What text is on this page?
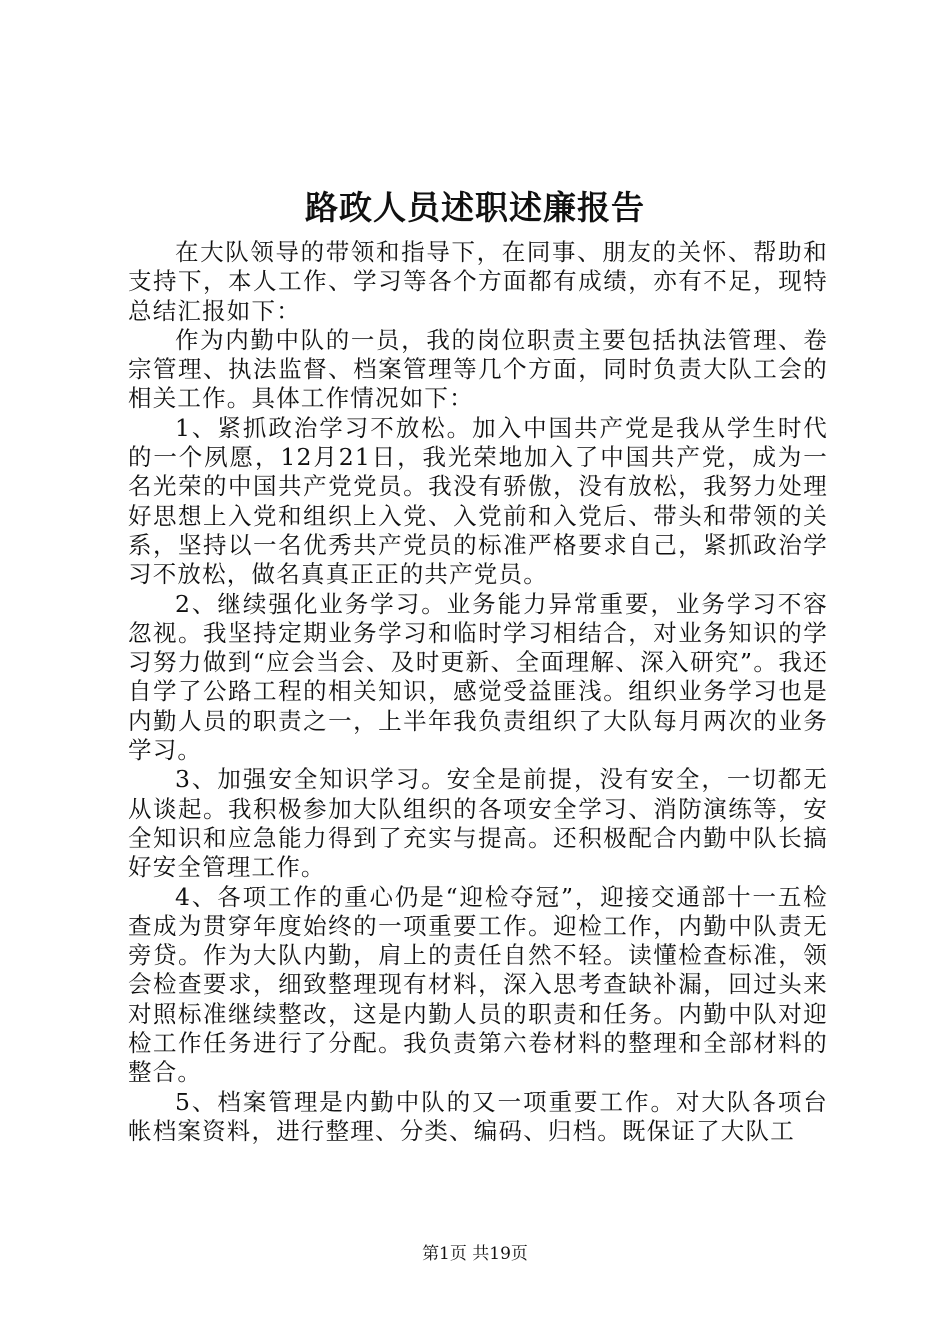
路政人员述职述廉报告

在大队领导的带领和指导下，在同事、朋友的关怀、帮助和支持下，本人工作、学习等各个方面都有成绩，亦有不足，现特总结汇报如下：

作为内勤中队的一员，我的岗位职责主要包括执法管理、卷宗管理、执法监督、档案管理等几个方面，同时负责大队工会的相关工作。具体工作情况如下：

1、紧抓政治学习不放松。加入中国共产党是我从学生时代的一个夙愿，12月21日，我光荣地加入了中国共产党，成为一名光荣的中国共产党党员。我没有骄傲，没有放松，我努力处理好思想上入党和组织上入党、入党前和入党后、带头和带领的关系，坚持以一名优秀共产党员的标准严格要求自己，紧抓政治学习不放松，做名真真正正的共产党员。

2、继续强化业务学习。业务能力异常重要，业务学习不容忽视。我坚持定期业务学习和临时学习相结合，对业务知识的学习努力做到“应会当会、及时更新、全面理解、深入研究”。我还自学了公路工程的相关知识，感觉受益匪浅。组织业务学习也是内勤人员的职责之一，上半年我负责组织了大队每月两次的业务学习。

3、加强安全知识学习。安全是前提，没有安全，一切都无从谈起。我积极参加大队组织的各项安全学习、消防演练等，安全知识和应急能力得到了充实与提高。还积极配合内勤中队长搞好安全管理工作。

4、各项工作的重心仍是“迎检夺冠”，迎接交通部十一五检查成为贯穿年度始终的一项重要工作。迎检工作，内勤中队责无旁贷。作为大队内勤，肩上的责任自然不轻。读懂检查标准，领会检查要求，细致整理现有材料，深入思考查缺补漏，回过头来对照标准继续整改，这是内勤人员的职责和任务。内勤中队对迎检工作任务进行了分配。我负责第六卷材料的整理和全部材料的整合。

5、档案管理是内勤中队的又一项重要工作。对大队各项台帐档案资料，进行整理、分类、编码、归档。既保证了大队工

第1页 共19页
